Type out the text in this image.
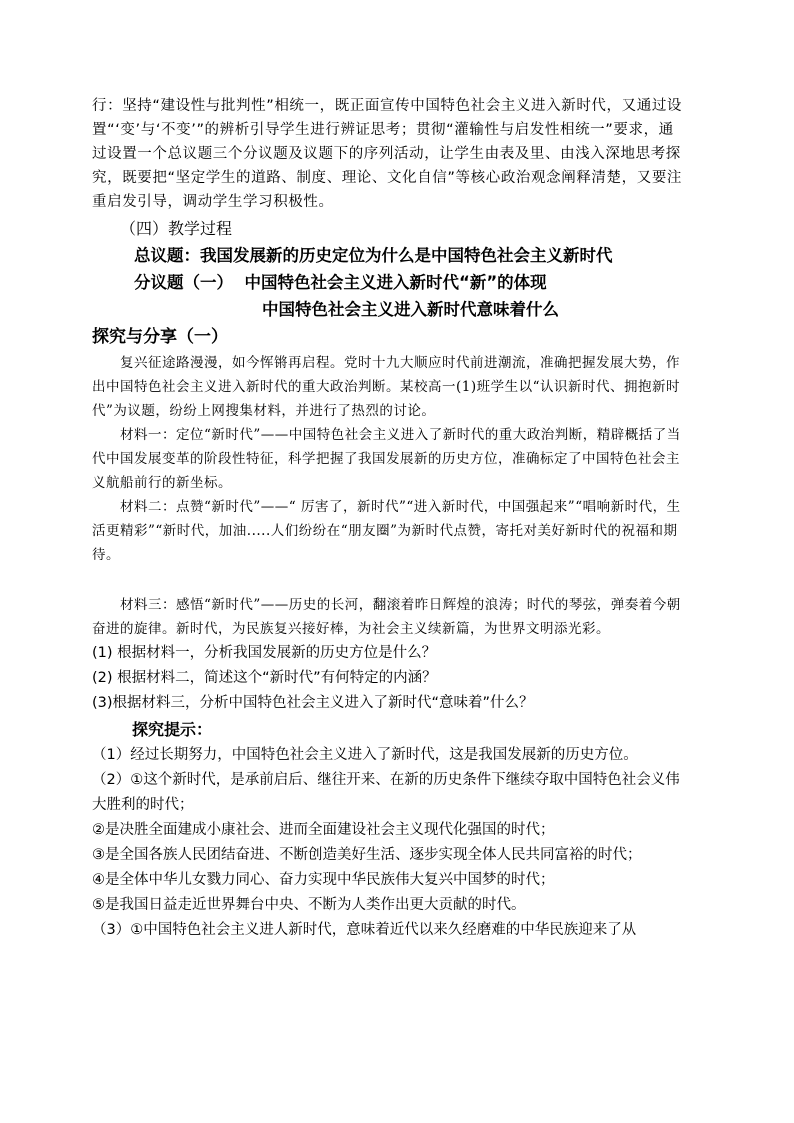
行：坚持“建设性与批判性”相统一，既正面宣传中国特色社会主义进入新时代，又通过设置“‘变’与‘不变’”的辨析引导学生进行辨证思考；贯彻“灌输性与启发性相统一”要求，通过设置一个总议题三个分议题及议题下的序列活动，让学生由表及里、由浅入深地思考探究，既要把“坚定学生的道路、制度、理论、文化自信”等核心政治观念阐释清楚，又要注重启发引导，调动学生学习积极性。

（四）教学过程

总议题：我国发展新的历史定位为什么是中国特色社会主义新时代

分议题（一）  中国特色社会主义进入新时代“新”的体现

中国特色社会主义进入新时代意味着什么

探究与分享（一）

复兴征途路漫漫，如今恽锵再启程。党时十九大顺应时代前进潮流，准确把握发展大势，作出中国特色社会主义进入新时代的重大政治判断。某校高一(1)班学生以“认识新时代、拥抱新时代”为议题，纷纷上网搜集材料，并进行了热烈的讨论。

材料一：定位“新时代”——中国特色社会主义进入了新时代的重大政治判断，精辟概括了当代中国发展变革的阶段性特征，科学把握了我国发展新的历史方位，准确标定了中国特色社会主义航船前行的新坐标。

材料二：点赞“新时代”——“ 厉害了，新时代”“进入新时代，中国强起来”“唱响新时代，生活更精彩”“新时代，加油.....人们纷纷在“朋友圈”为新时代点赞，寄托对美好新时代的祝福和期待。

材料三：感悟“新时代”——历史的长河，翻滚着昨日辉煌的浪涛；时代的琴弦，弹奏着今朝奋进的旋律。新时代，为民族复兴接好棒，为社会主义续新篇，为世界文明添光彩。

(1) 根据材料一，分析我国发展新的历史方位是什么？

(2) 根据材料二，简述这个“新时代”有何特定的内涵？

(3)根据材料三，分析中国特色社会主义进入了新时代“意味着”什么？

探究提示：

（1）经过长期努力，中国特色社会主义进入了新时代，这是我国发展新的历史方位。

（2）①这个新时代，是承前启后、继往开来、在新的历史条件下继续夺取中国特色社会义伟大胜利的时代；

②是决胜全面建成小康社会、进而全面建设社会主义现代化强国的时代；

③是全国各族人民团结奋进、不断创造美好生活、逐步实现全体人民共同富裕的时代；

④是全体中华儿女戮力同心、奋力实现中华民族伟大复兴中国梦的时代；

⑤是我国日益走近世界舞台中央、不断为人类作出更大贡献的时代。

（3）①中国特色社会主义进人新时代，意味着近代以来久经磨难的中华民族迎来了从
